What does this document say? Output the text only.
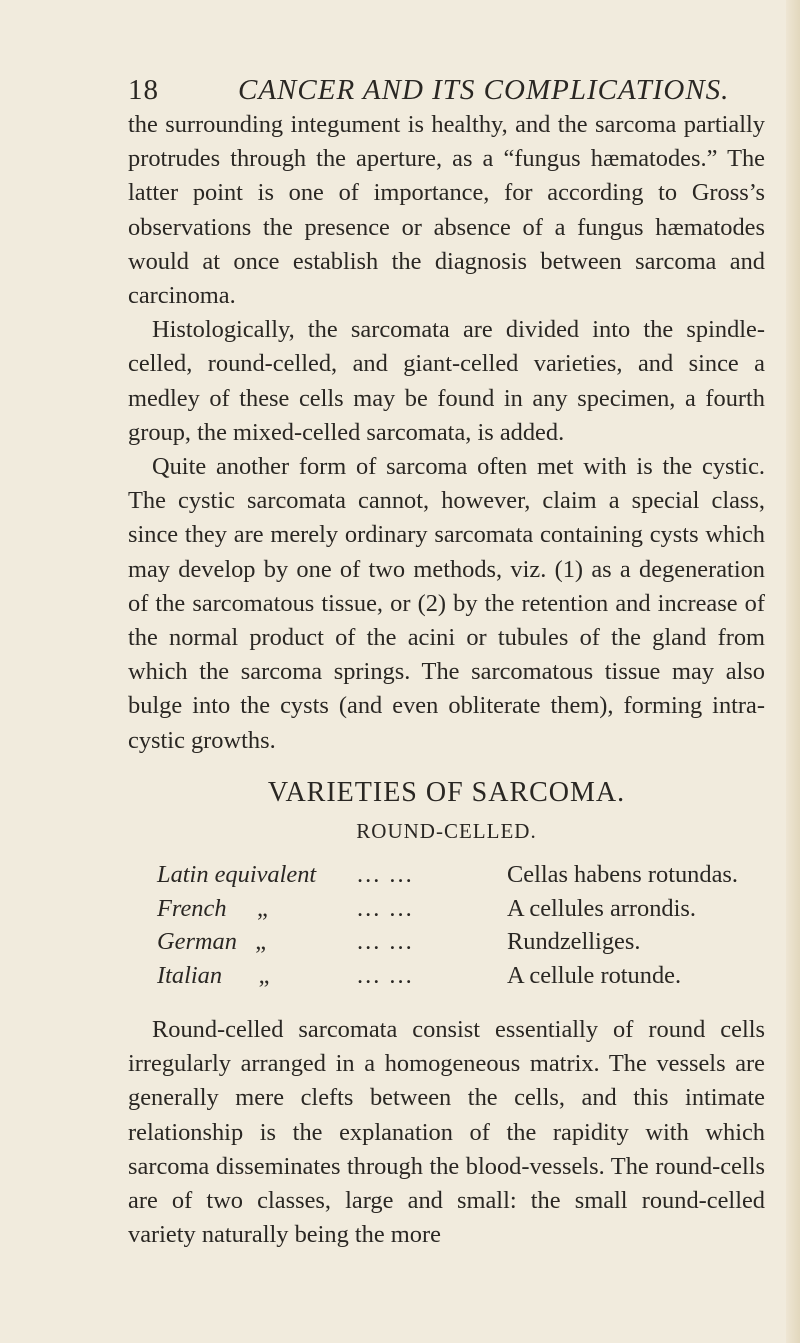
18	CANCER AND ITS COMPLICATIONS.

the surrounding integument is healthy, and the sarcoma partially protrudes through the aperture, as a “fungus hæmatodes.” The latter point is one of importance, for according to Gross’s observations the presence or absence of a fungus hæmatodes would at once establish the diagnosis between sarcoma and carcinoma.

Histologically, the sarcomata are divided into the spindle-celled, round-celled, and giant-celled varieties, and since a medley of these cells may be found in any specimen, a fourth group, the mixed-celled sarcomata, is added.

Quite another form of sarcoma often met with is the cystic. The cystic sarcomata cannot, however, claim a special class, since they are merely ordinary sarcomata containing cysts which may develop by one of two methods, viz. (1) as a degeneration of the sarcomatous tissue, or (2) by the retention and increase of the normal product of the acini or tubules of the gland from which the sarcoma springs. The sarcomatous tissue may also bulge into the cysts (and even obliterate them), forming intra-cystic growths.

VARIETIES OF SARCOMA.
ROUND-CELLED.
Latin equivalent	... ...	Cellas habens rotundas.
French „	... ...	A cellules arrondis.
German „	... ...	Rundzelliges.
Italian „	... ...	A cellule rotunde.

Round-celled sarcomata consist essentially of round cells irregularly arranged in a homogeneous matrix. The vessels are generally mere clefts between the cells, and this intimate relationship is the explanation of the rapidity with which sarcoma disseminates through the blood-vessels. The round-cells are of two classes, large and small: the small round-celled variety naturally being the more
